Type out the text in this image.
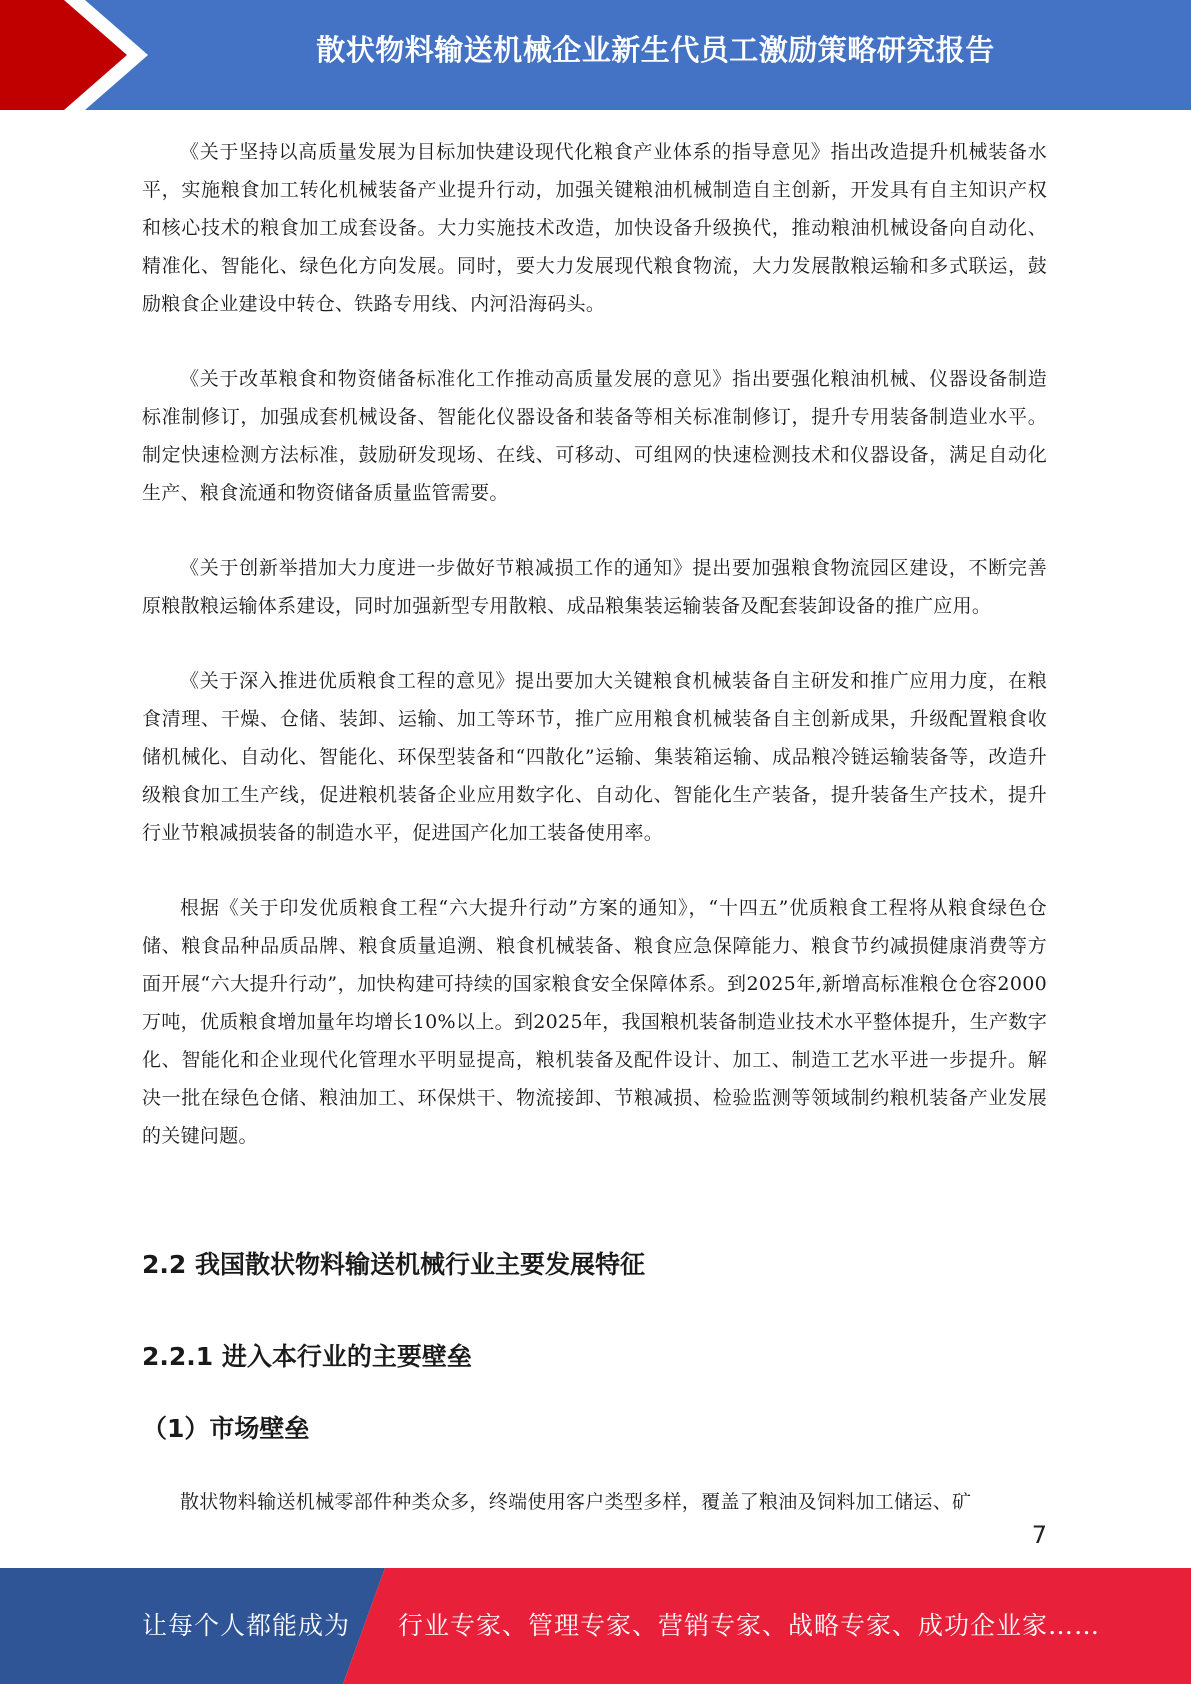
散状物料输送机械企业新生代员工激励策略研究报告

《关于坚持以高质量发展为目标加快建设现代化粮食产业体系的指导意见》指出改造提升机械装备水平，实施粮食加工转化机械装备产业提升行动，加强关键粮油机械制造自主创新，开发具有自主知识产权和核心技术的粮食加工成套设备。大力实施技术改造，加快设备升级换代，推动粮油机械设备向自动化、精准化、智能化、绿色化方向发展。同时，要大力发展现代粮食物流，大力发展散粮运输和多式联运，鼓励粮食企业建设中转仓、铁路专用线、内河沿海码头。

《关于改革粮食和物资储备标准化工作推动高质量发展的意见》指出要强化粮油机械、仪器设备制造标准制修订，加强成套机械设备、智能化仪器设备和装备等相关标准制修订，提升专用装备制造业水平。制定快速检测方法标准，鼓励研发现场、在线、可移动、可组网的快速检测技术和仪器设备，满足自动化生产、粮食流通和物资储备质量监管需要。

《关于创新举措加大力度进一步做好节粮减损工作的通知》提出要加强粮食物流园区建设，不断完善原粮散粮运输体系建设，同时加强新型专用散粮、成品粮集装运输装备及配套装卸设备的推广应用。

《关于深入推进优质粮食工程的意见》提出要加大关键粮食机械装备自主研发和推广应用力度，在粮食清理、干燥、仓储、装卸、运输、加工等环节，推广应用粮食机械装备自主创新成果，升级配置粮食收储机械化、自动化、智能化、环保型装备和“四散化”运输、集装箱运输、成品粮冷链运输装备等，改造升级粮食加工生产线，促进粮机装备企业应用数字化、自动化、智能化生产装备，提升装备生产技术，提升行业节粮减损装备的制造水平，促进国产化加工装备使用率。

根据《关于印发优质粮食工程“六大提升行动”方案的通知》，“十四五”优质粮食工程将从粮食绿色仓储、粮食品种品质品牌、粮食质量追溯、粮食机械装备、粮食应急保障能力、粮食节约减损健康消费等方面开展“六大提升行动”，加快构建可持续的国家粮食安全保障体系。到2025年,新增高标准粮仓仓容2000万吨，优质粮食增加量年均增长10%以上。到2025年，我国粮机装备制造业技术水平整体提升，生产数字化、智能化和企业现代化管理水平明显提高，粮机装备及配件设计、加工、制造工艺水平进一步提升。解决一批在绿色仓储、粮油加工、环保烘干、物流接卸、节粮减损、检验监测等领域制约粮机装备产业发展的关键问题。

2.2 我国散状物料输送机械行业主要发展特征
2.2.1 进入本行业的主要壁垒
（1）市场壁垒

散状物料输送机械零部件种类众多，终端使用客户类型多样，覆盖了粮油及饲料加工储运、矿

7
让每个人都能成为 行业专家、管理专家、营销专家、战略专家、成功企业家……
